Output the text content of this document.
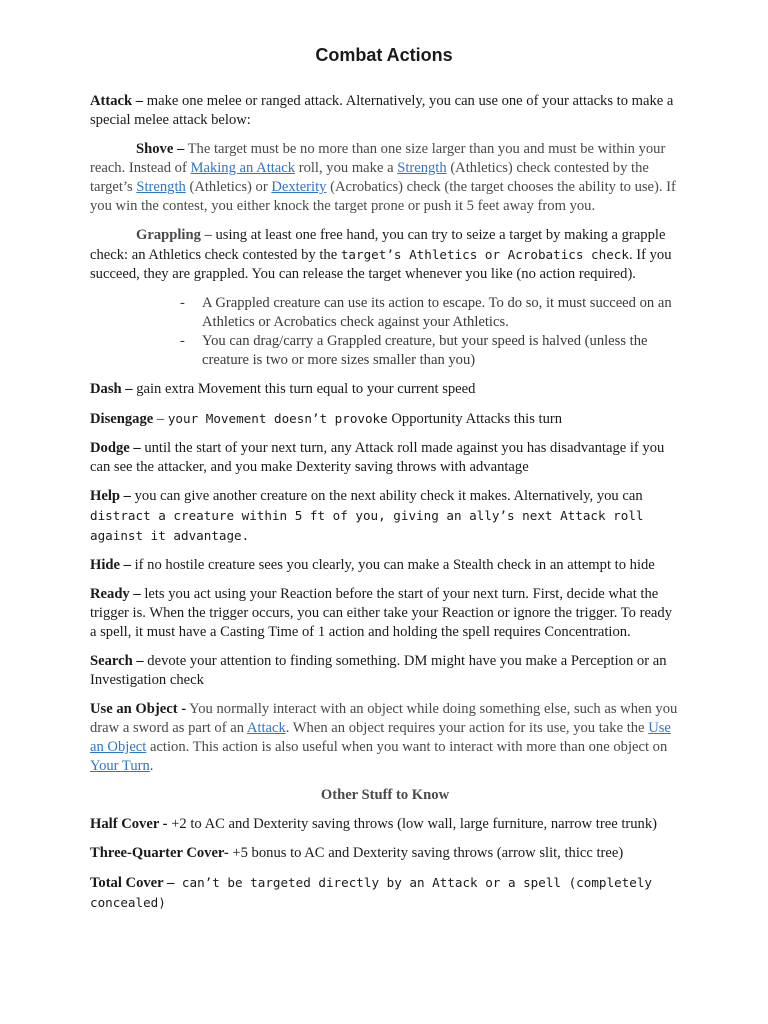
Combat Actions

Attack – make one melee or ranged attack. Alternatively, you can use one of your attacks to make a special melee attack below:

Shove – The target must be no more than one size larger than you and must be within your reach. Instead of Making an Attack roll, you make a Strength (Athletics) check contested by the target’s Strength (Athletics) or Dexterity (Acrobatics) check (the target chooses the ability to use). If you win the contest, you either knock the target prone or push it 5 feet away from you.

Grappling – using at least one free hand, you can try to seize a target by making a grapple check: an Athletics check contested by the target’s Athletics or Acrobatics check. If you succeed, they are grappled. You can release the target whenever you like (no action required).

- A Grappled creature can use its action to escape. To do so, it must succeed on an Athletics or Acrobatics check against your Athletics.
- You can drag/carry a Grappled creature, but your speed is halved (unless the creature is two or more sizes smaller than you)

Dash – gain extra Movement this turn equal to your current speed

Disengage – your Movement doesn’t provoke Opportunity Attacks this turn

Dodge – until the start of your next turn, any Attack roll made against you has disadvantage if you can see the attacker, and you make Dexterity saving throws with advantage

Help – you can give another creature on the next ability check it makes. Alternatively, you can distract a creature within 5 ft of you, giving an ally’s next Attack roll against it advantage.

Hide – if no hostile creature sees you clearly, you can make a Stealth check in an attempt to hide

Ready – lets you act using your Reaction before the start of your next turn. First, decide what the trigger is. When the trigger occurs, you can either take your Reaction or ignore the trigger. To ready a spell, it must have a Casting Time of 1 action and holding the spell requires Concentration.

Search – devote your attention to finding something. DM might have you make a Perception or an Investigation check

Use an Object - You normally interact with an object while doing something else, such as when you draw a sword as part of an Attack. When an object requires your action for its use, you take the Use an Object action. This action is also useful when you want to interact with more than one object on Your Turn.

Other Stuff to Know

Half Cover - +2 to AC and Dexterity saving throws (low wall, large furniture, narrow tree trunk)

Three-Quarter Cover- +5 bonus to AC and Dexterity saving throws (arrow slit, thicc tree)

Total Cover – can’t be targeted directly by an Attack or a spell (completely concealed)
